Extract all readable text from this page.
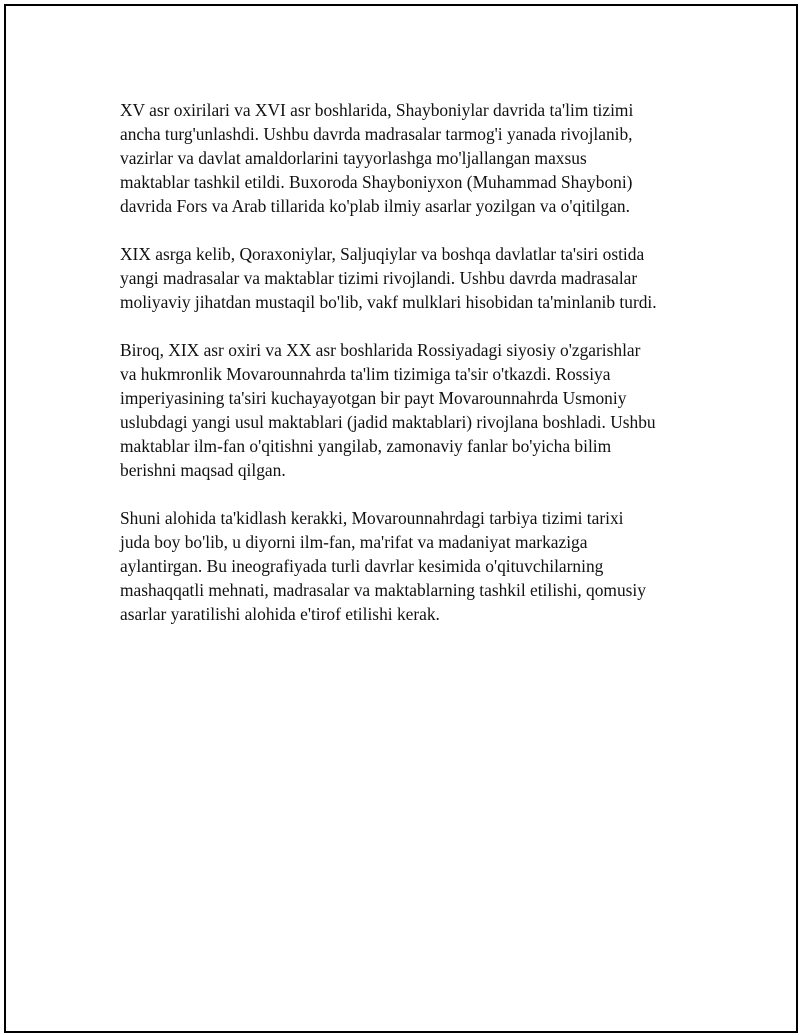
XV asr oxirilari va XVI asr boshlarida, Shayboniylar davrida ta'lim tizimi
ancha turg'unlashdi. Ushbu davrda madrasalar tarmog'i yanada rivojlanib,
vazirlar va davlat amaldorlarini tayyorlashga mo'ljallangan maxsus
maktablar tashkil etildi. Buxoroda Shayboniyxon (Muhammad Shayboni)
davrida Fors va Arab tillarida ko'plab ilmiy asarlar yozilgan va o'qitilgan.

XIX asrga kelib, Qoraxoniylar, Saljuqiylar va boshqa davlatlar ta'siri ostida
yangi madrasalar va maktablar tizimi rivojlandi. Ushbu davrda madrasalar
moliyaviy jihatdan mustaqil bo'lib, vakf mulklari hisobidan ta'minlanib turdi.

Biroq, XIX asr oxiri va XX asr boshlarida Rossiyadagi siyosiy o'zgarishlar
va hukmronlik Movarounnahrda ta'lim tizimiga ta'sir o'tkazdi. Rossiya
imperiyasining ta'siri kuchayayotgan bir payt Movarounnahrda Usmoniy
uslubdagi yangi usul maktablari (jadid maktablari) rivojlana boshladi. Ushbu
maktablar ilm-fan o'qitishni yangilab, zamonaviy fanlar bo'yicha bilim
berishni maqsad qilgan.

Shuni alohida ta'kidlash kerakki, Movarounnahrdagi tarbiya tizimi tarixi
juda boy bo'lib, u diyorni ilm-fan, ma'rifat va madaniyat markaziga
aylantirgan. Bu ineografiyada turli davrlar kesimida o'qituvchilarning
mashaqqatli mehnati, madrasalar va maktablarning tashkil etilishi, qomusiy
asarlar yaratilishi alohida e'tirof etilishi kerak.
